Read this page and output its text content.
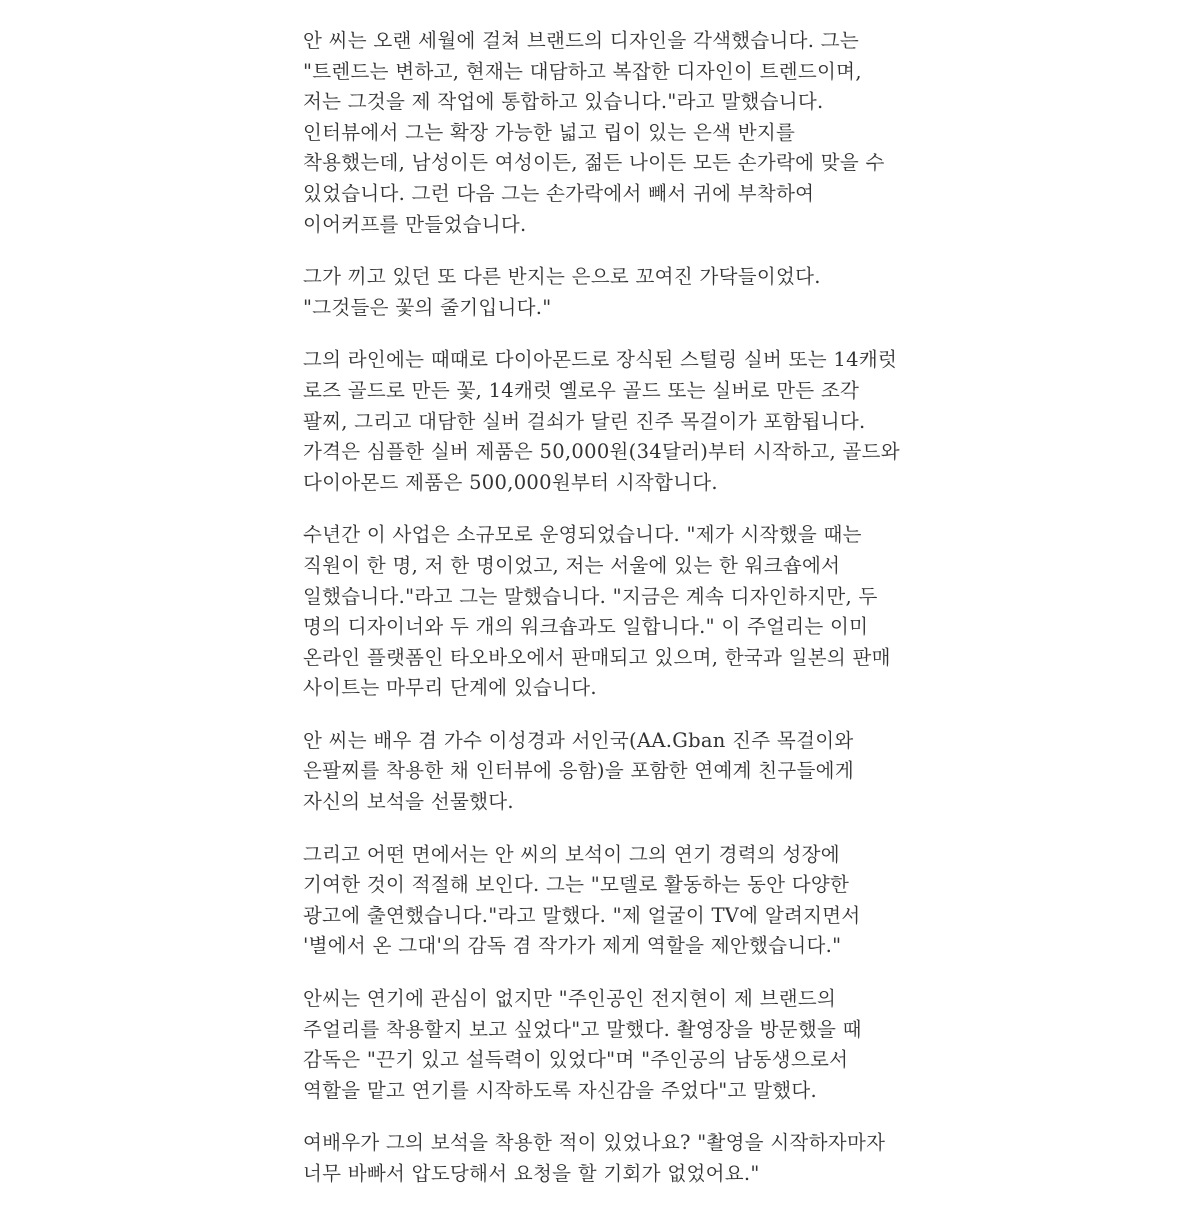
안 씨는 오랜 세월에 걸쳐 브랜드의 디자인을 각색했습니다. 그는 "트렌드는 변하고, 현재는 대담하고 복잡한 디자인이 트렌드이며, 저는 그것을 제 작업에 통합하고 있습니다."라고 말했습니다. 인터뷰에서 그는 확장 가능한 넓고 립이 있는 은색 반지를 착용했는데, 남성이든 여성이든, 젊든 나이든 모든 손가락에 맞을 수 있었습니다. 그런 다음 그는 손가락에서 빼서 귀에 부착하여 이어커프를 만들었습니다.

그가 끼고 있던 또 다른 반지는 은으로 꼬여진 가닥들이었다. "그것들은 꽃의 줄기입니다."

그의 라인에는 때때로 다이아몬드로 장식된 스털링 실버 또는 14캐럿 로즈 골드로 만든 꽃, 14캐럿 옐로우 골드 또는 실버로 만든 조각 팔찌, 그리고 대담한 실버 걸쇠가 달린 진주 목걸이가 포함됩니다. 가격은 심플한 실버 제품은 50,000원(34달러)부터 시작하고, 골드와 다이아몬드 제품은 500,000원부터 시작합니다.

수년간 이 사업은 소규모로 운영되었습니다. "제가 시작했을 때는 직원이 한 명, 저 한 명이었고, 저는 서울에 있는 한 워크숍에서 일했습니다."라고 그는 말했습니다. "지금은 계속 디자인하지만, 두 명의 디자이너와 두 개의 워크숍과도 일합니다." 이 주얼리는 이미 온라인 플랫폼인 타오바오에서 판매되고 있으며, 한국과 일본의 판매 사이트는 마무리 단계에 있습니다.

안 씨는 배우 겸 가수 이성경과 서인국(AA.Gban 진주 목걸이와 은팔찌를 착용한 채 인터뷰에 응함)을 포함한 연예계 친구들에게 자신의 보석을 선물했다.

그리고 어떤 면에서는 안 씨의 보석이 그의 연기 경력의 성장에 기여한 것이 적절해 보인다. 그는 "모델로 활동하는 동안 다양한 광고에 출연했습니다."라고 말했다. "제 얼굴이 TV에 알려지면서 '별에서 온 그대'의 감독 겸 작가가 제게 역할을 제안했습니다."

안씨는 연기에 관심이 없지만 "주인공인 전지현이 제 브랜드의 주얼리를 착용할지 보고 싶었다"고 말했다. 촬영장을 방문했을 때 감독은 "끈기 있고 설득력이 있었다"며 "주인공의 남동생으로서 역할을 맡고 연기를 시작하도록 자신감을 주었다"고 말했다.

여배우가 그의 보석을 착용한 적이 있었나요? "촬영을 시작하자마자 너무 바빠서 압도당해서 요청을 할 기회가 없었어요."
